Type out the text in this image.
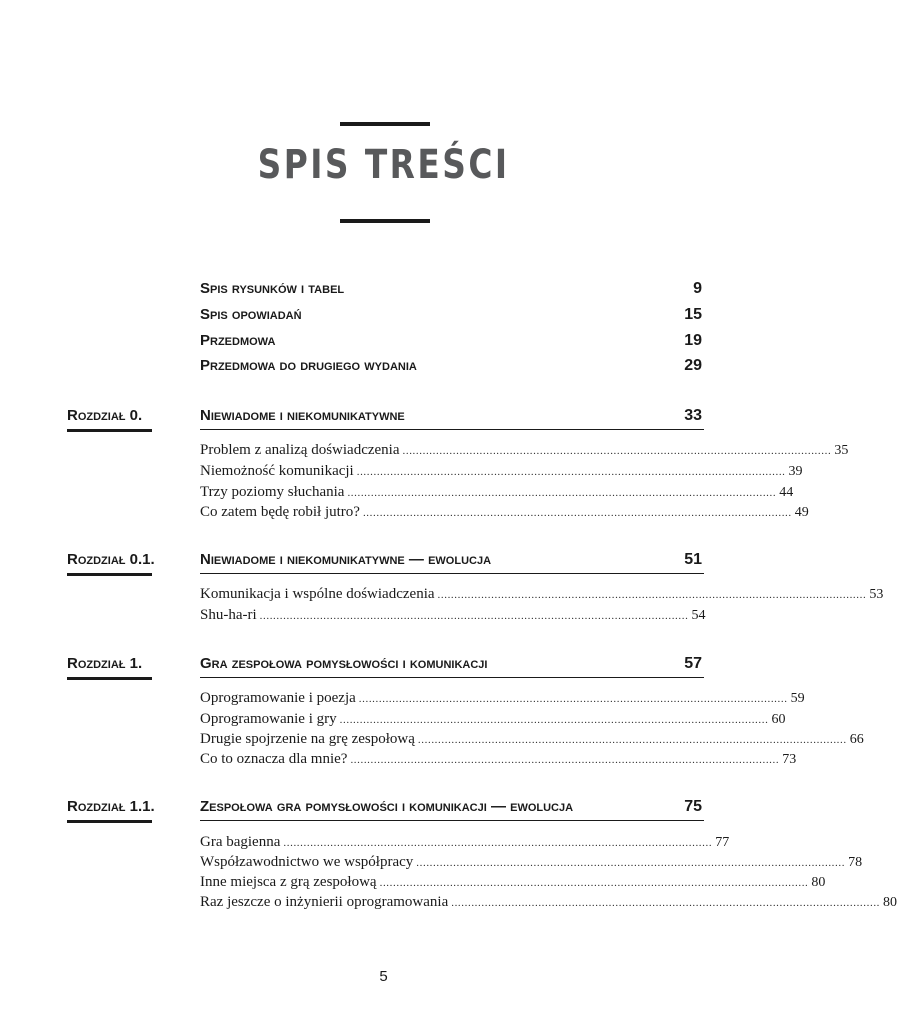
SPIS TREŚCI
Spis rysunków i tabel	9
Spis opowiadań	15
Przedmowa	19
Przedmowa do drugiego wydania	29
Rozdział 0.	Niewiadome i niekomunikatywne	33
Problem z analizą doświadczenia ................................................................................................................................ 35
Niemożność komunikacji ................................................................................................................................ 39
Trzy poziomy słuchania ................................................................................................................................ 44
Co zatem będę robił jutro? ................................................................................................................................ 49
Rozdział 0.1.	Niewiadome i niekomunikatywne — ewolucja	51
Komunikacja i wspólne doświadczenia ................................................................................................................................ 53
Shu-ha-ri ................................................................................................................................ 54
Rozdział 1.	Gra zespołowa pomysłowości i komunikacji	57
Oprogramowanie i poezja ................................................................................................................................ 59
Oprogramowanie i gry ................................................................................................................................ 60
Drugie spojrzenie na grę zespołową ................................................................................................................................ 66
Co to oznacza dla mnie? ................................................................................................................................ 73
Rozdział 1.1.	Zespołowa gra pomysłowości i komunikacji — ewolucja	75
Gra bagienna ................................................................................................................................ 77
Współzawodnictwo we współpracy ................................................................................................................................ 78
Inne miejsca z grą zespołową ................................................................................................................................ 80
Raz jeszcze o inżynierii oprogramowania ................................................................................................................................ 80
5
